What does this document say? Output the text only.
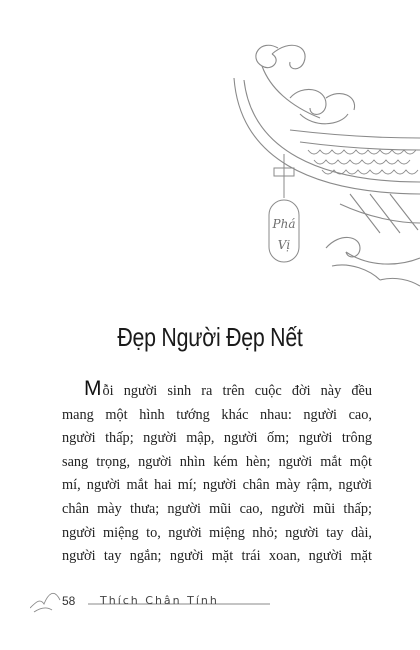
Phá
Vị
Đẹp Người Đẹp Nết
Mỗi người sinh ra trên cuộc đời này đều
mang một hình tướng khác nhau: người cao,
người thấp; người mập, người ốm; người trông
sang trọng, người nhìn kém hèn; người mắt một
mí, người mắt hai mí; người chân mày rậm, người
chân mày thưa; người mũi cao, người mũi thấp;
người miệng to, người miệng nhỏ; người tay dài,
người tay ngắn; người mặt trái xoan, người mặt
58 Thích Chân Tính
